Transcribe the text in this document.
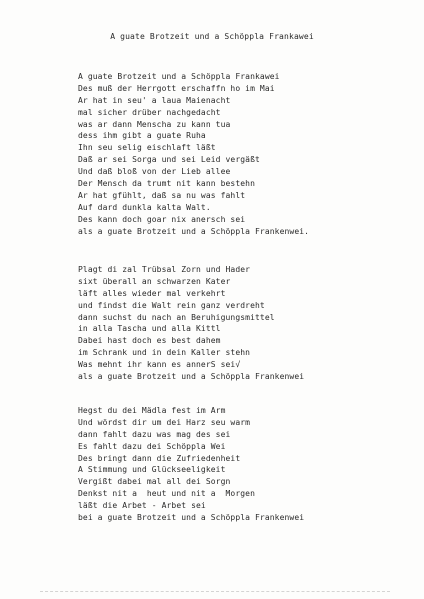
A guate Brotzeit und a Schöppla Frankawei
A guate Brotzeit und a Schöppla Frankawei
Des muß der Herrgott erschaffn ho im Mai
Ar hat in seu' a laua Maienacht
mal sicher drüber nachgedacht
was ar dann Menscha zu kann tua
dess ihm gibt a guate Ruha
Ihn seu selig eischlaft läßt
Daß ar sei Sorga und sei Leid vergäßt
Und daß bloß von der Lieb allee
Der Mensch da trumt nit kann bestehn
Ar hat gfühlt, daß sa nu was fahlt
Auf dard dunkla kalta Walt.
Des kann doch goar nix anersch sei
als a guate Brotzeit und a Schöppla Frankenwei.
Plagt di zal Trübsal Zorn und Hader
sixt überall an schwarzen Kater
läft alles wieder mal verkehrt
und findst die Walt rein ganz verdreht
dann suchst du nach an Beruhigungsmittel
in alla Tascha und alla Kittl
Dabei hast doch es best dahem
im Schrank und in dein Kaller stehn
Was mehnt ihr kann es annerS sei√
als a guate Brotzeit und a Schöppla Frankenwei
Hegst du dei Mädla fest im Arm
Und wördst dir um dei Harz seu warm
dann fahlt dazu was mag des sei
Es fahlt dazu dei Schöppla Wei
Des bringt dann die Zufriedenheit
A Stimmung und Glückseeligkeit
Vergißt dabei mal all dei Sorgn
Denkst nit a  heut und nit a  Morgen
läßt die Arbet - Arbet sei
bei a guate Brotzeit und a Schöppla Frankenwei
